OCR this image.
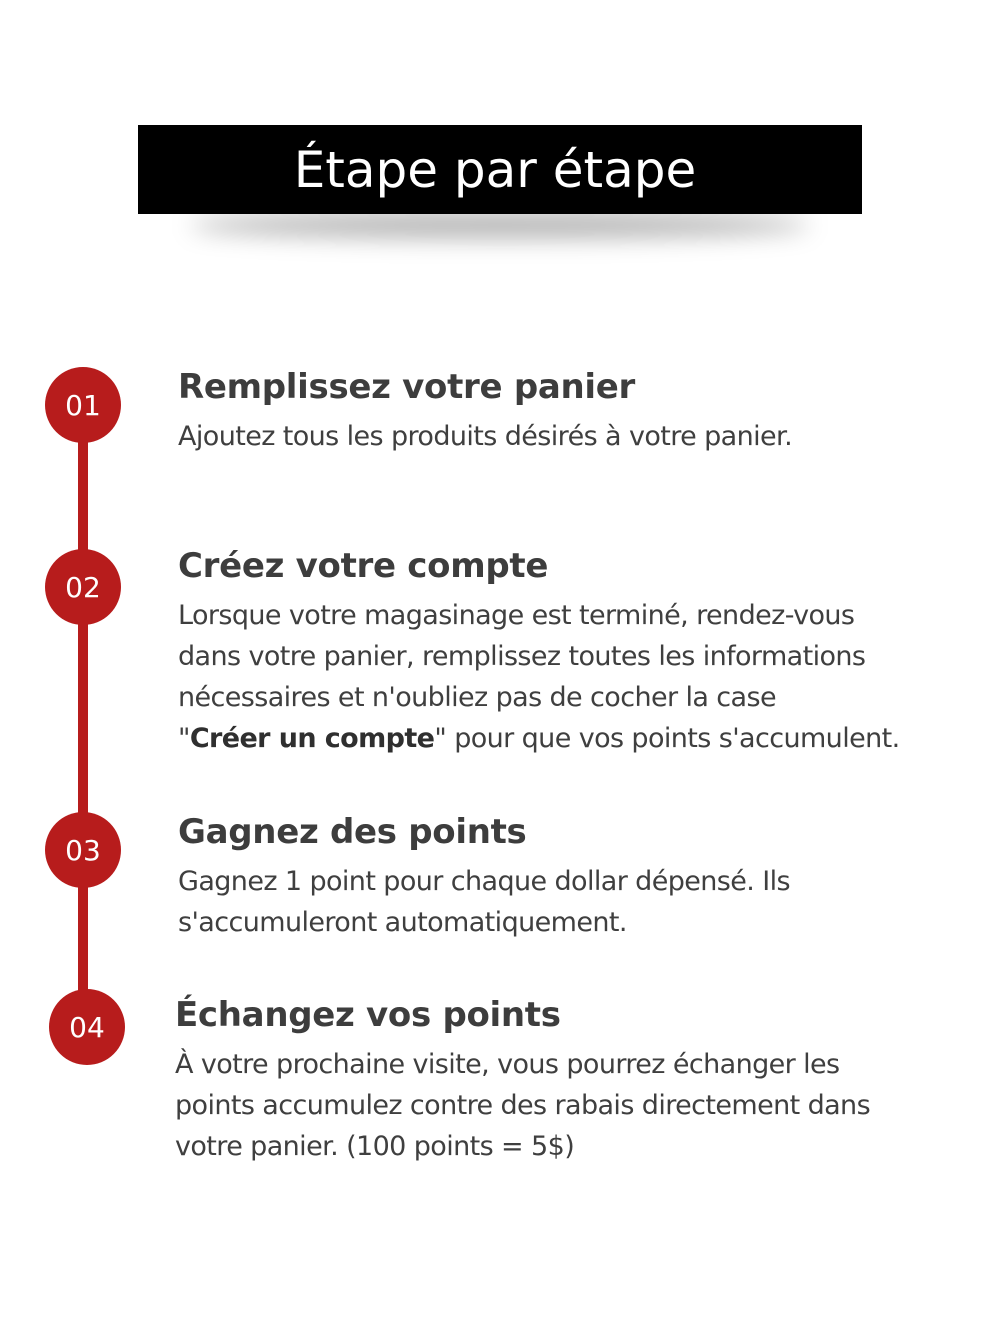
Étape par étape
01
02
03
04

Remplissez votre panier

Ajoutez tous les produits désirés à votre panier.

Créez votre compte

Lorsque votre magasinage est terminé, rendez-vous
dans votre panier, remplissez toutes les informations
nécessaires et n'oubliez pas de cocher la case
"Créer un compte" pour que vos points s'accumulent.

Gagnez des points

Gagnez 1 point pour chaque dollar dépensé. Ils
s'accumuleront automatiquement.

Échangez vos points

À votre prochaine visite, vous pourrez échanger les
points accumulez contre des rabais directement dans
votre panier. (100 points = 5$)
